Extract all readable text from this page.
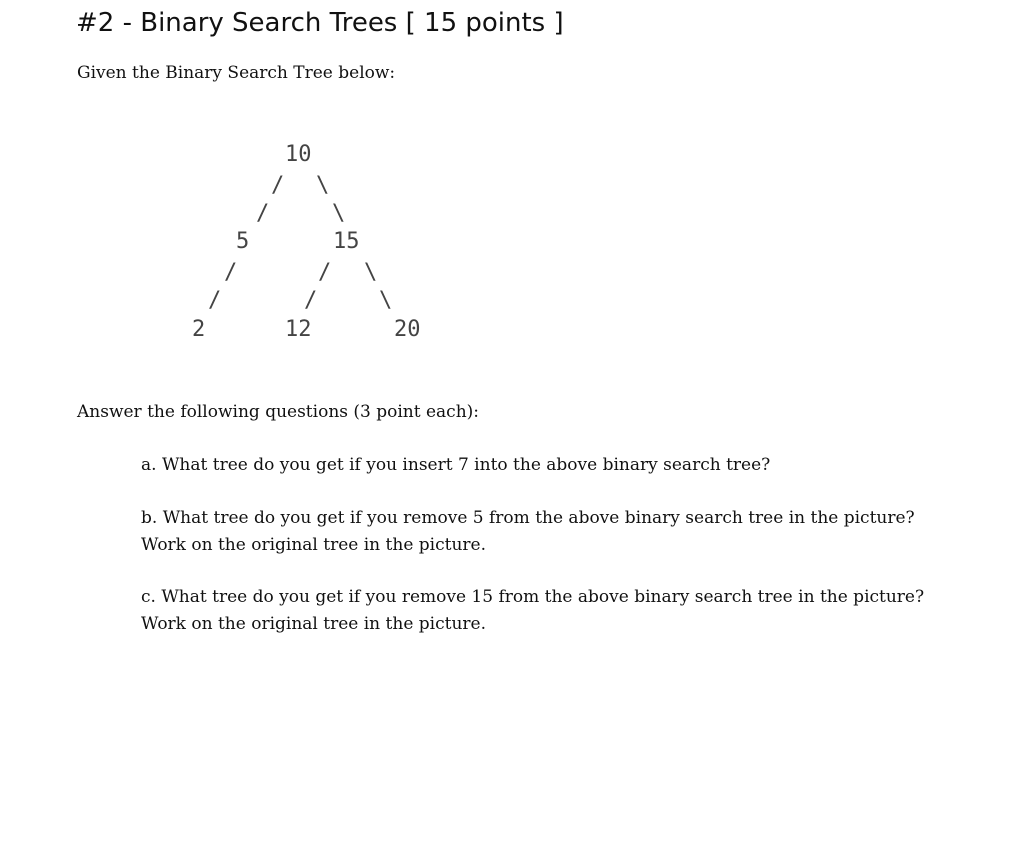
#2 - Binary Search Trees [ 15 points ]
Given the Binary Search Tree below:
10
/
/
\
\
5	15
/
/
/
/
\
\
2	12	20
Answer the following questions (3 point each):

a. What tree do you get if you insert 7 into the above binary search tree?

b. What tree do you get if you remove 5 from the above binary search tree in the picture?

Work on the original tree in the picture.

c. What tree do you get if you remove 15 from the above binary search tree in the picture?

Work on the original tree in the picture.
